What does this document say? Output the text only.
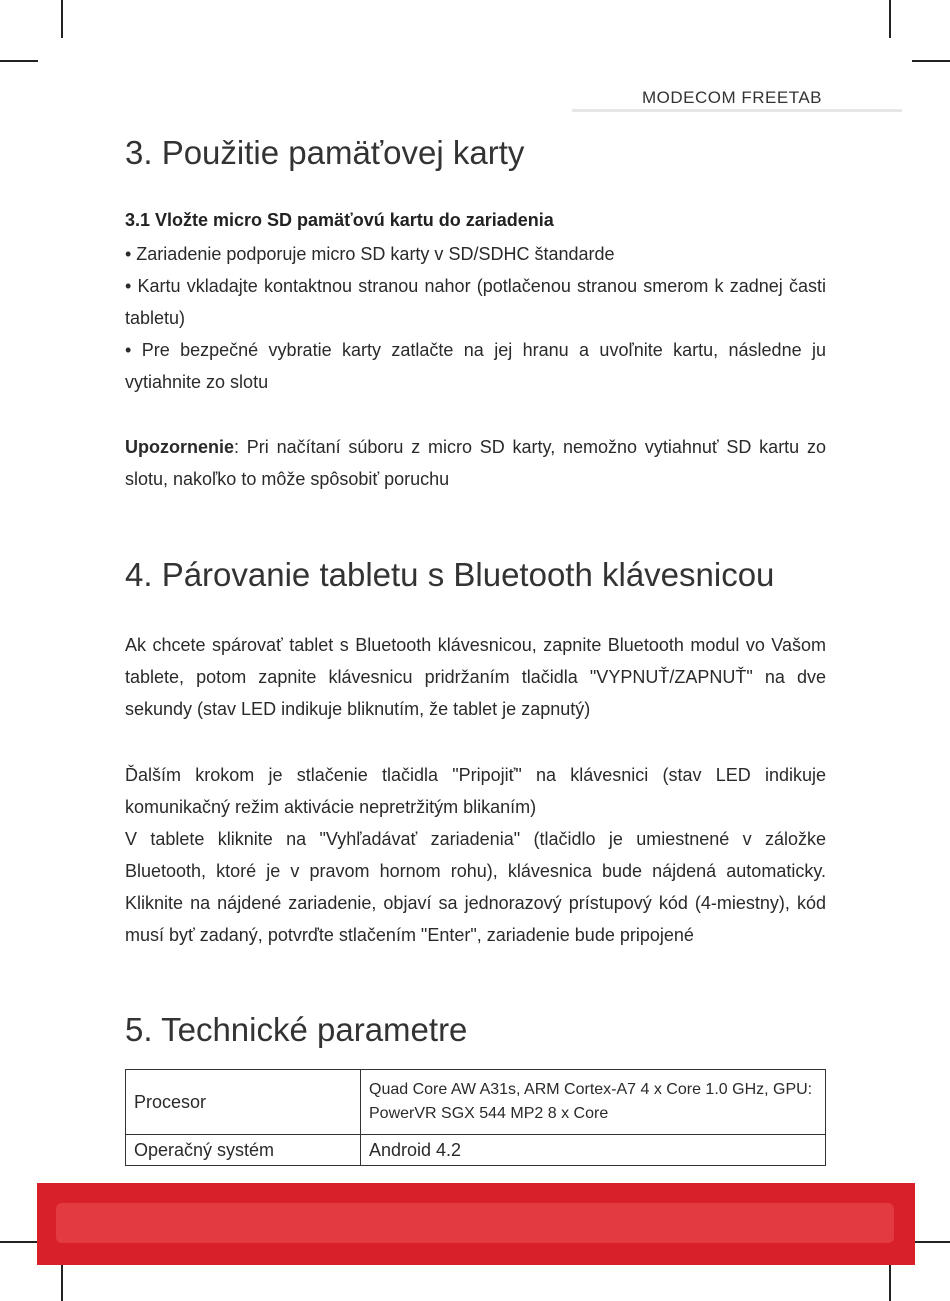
MODECOM FREETAB
3. Použitie pamäťovej karty
3.1 Vložte micro SD pamäťovú kartu do zariadenia

• Zariadenie podporuje micro SD karty v SD/SDHC štandarde

• Kartu vkladajte kontaktnou stranou nahor (potlačenou stranou smerom k zadnej časti tabletu)

• Pre bezpečné vybratie karty zatlačte na jej hranu a uvoľnite kartu, následne ju vytiahnite zo slotu

Upozornenie: Pri načítaní súboru z micro SD karty, nemožno vytiahnuť SD kartu zo slotu, nakoľko to môže spôsobiť poruchu

4. Párovanie tabletu s Bluetooth klávesnicou

Ak chcete spárovať tablet s Bluetooth klávesnicou, zapnite Bluetooth modul vo Vašom tablete, potom zapnite klávesnicu pridržaním tlačidla "VYPNUŤ/ZAPNUŤ" na dve sekundy (stav LED indikuje bliknutím, že tablet je zapnutý)

Ďalším krokom je stlačenie tlačidla "Pripojiť" na klávesnici (stav LED indikuje komunikačný režim aktivácie nepretržitým blikaním)

V tablete kliknite na "Vyhľadávať zariadenia" (tlačidlo je umiestnené v záložke Bluetooth, ktoré je v pravom hornom rohu), klávesnica bude nájdená automaticky. Kliknite na nájdené zariadenie, objaví sa jednorazový prístupový kód (4-miestny), kód musí byť zadaný, potvrďte stlačením "Enter", zariadenie bude pripojené

5. Technické parametre
Procesor	Quad Core AW A31s, ARM Cortex-A7 4 x Core 1.0 GHz, GPU: PowerVR SGX 544 MP2 8 x Core
Operačný systém	Android 4.2
